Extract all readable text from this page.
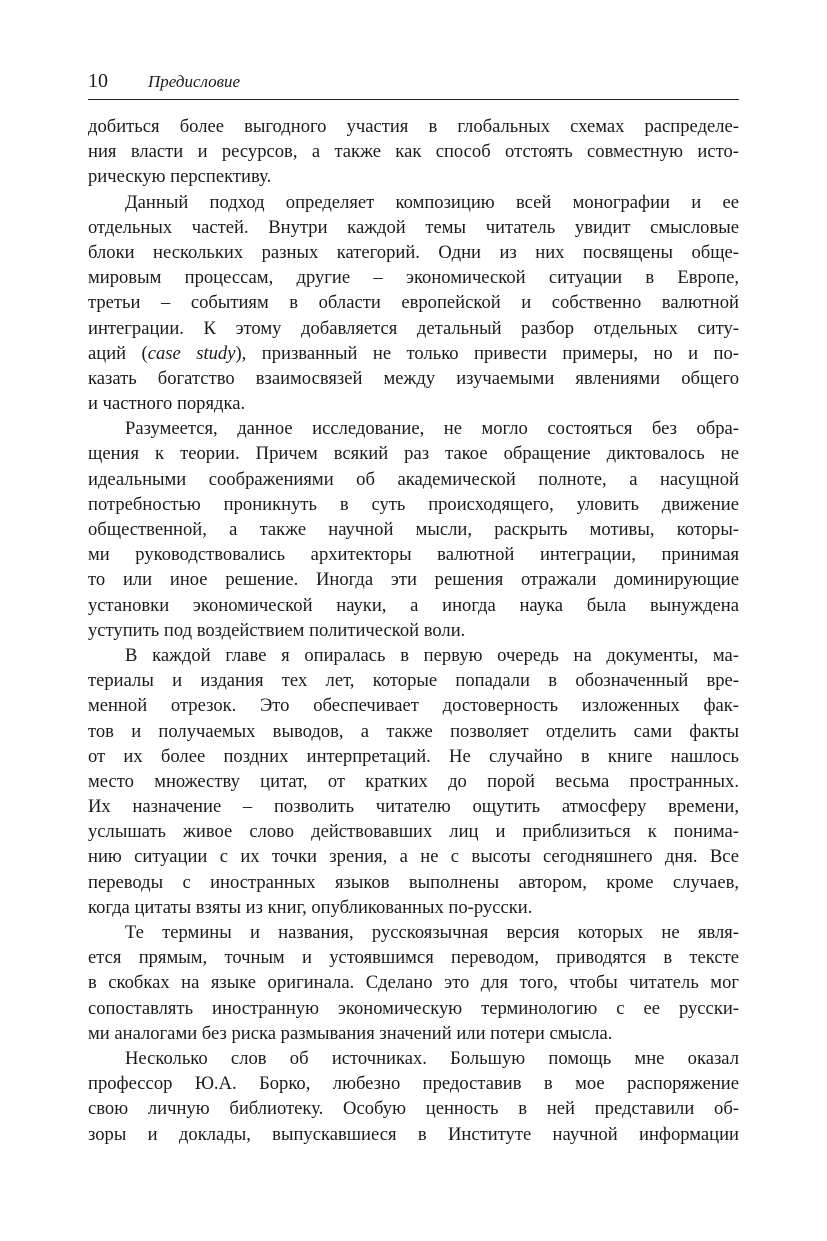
10 Предисловие
добиться более выгодного участия в глобальных схемах распределе-
ния власти и ресурсов, а также как способ отстоять совместную исто-
рическую перспективу.
Данный подход определяет композицию всей монографии и ее
отдельных частей. Внутри каждой темы читатель увидит смысловые
блоки нескольких разных категорий. Одни из них посвящены обще-
мировым процессам, другие – экономической ситуации в Европе,
третьи – событиям в области европейской и собственно валютной
интеграции. К этому добавляется детальный разбор отдельных ситу-
аций (case study), призванный не только привести примеры, но и по-
казать богатство взаимосвязей между изучаемыми явлениями общего
и частного порядка.
Разумеется, данное исследование, не могло состояться без обра-
щения к теории. Причем всякий раз такое обращение диктовалось не
идеальными соображениями об академической полноте, а насущной
потребностью проникнуть в суть происходящего, уловить движение
общественной, а также научной мысли, раскрыть мотивы, которы-
ми руководствовались архитекторы валютной интеграции, принимая
то или иное решение. Иногда эти решения отражали доминирующие
установки экономической науки, а иногда наука была вынуждена
уступить под воздействием политической воли.
В каждой главе я опиралась в первую очередь на документы, ма-
териалы и издания тех лет, которые попадали в обозначенный вре-
менной отрезок. Это обеспечивает достоверность изложенных фак-
тов и получаемых выводов, а также позволяет отделить сами факты
от их более поздних интерпретаций. Не случайно в книге нашлось
место множеству цитат, от кратких до порой весьма пространных.
Их назначение – позволить читателю ощутить атмосферу времени,
услышать живое слово действовавших лиц и приблизиться к понима-
нию ситуации с их точки зрения, а не с высоты сегодняшнего дня. Все
переводы с иностранных языков выполнены автором, кроме случаев,
когда цитаты взяты из книг, опубликованных по-русски.
Те термины и названия, русскоязычная версия которых не явля-
ется прямым, точным и устоявшимся переводом, приводятся в тексте
в скобках на языке оригинала. Сделано это для того, чтобы читатель мог
сопоставлять иностранную экономическую терминологию с ее русски-
ми аналогами без риска размывания значений или потери смысла.
Несколько слов об источниках. Большую помощь мне оказал
профессор Ю.А. Борко, любезно предоставив в мое распоряжение
свою личную библиотеку. Особую ценность в ней представили об-
зоры и доклады, выпускавшиеся в Институте научной информации
